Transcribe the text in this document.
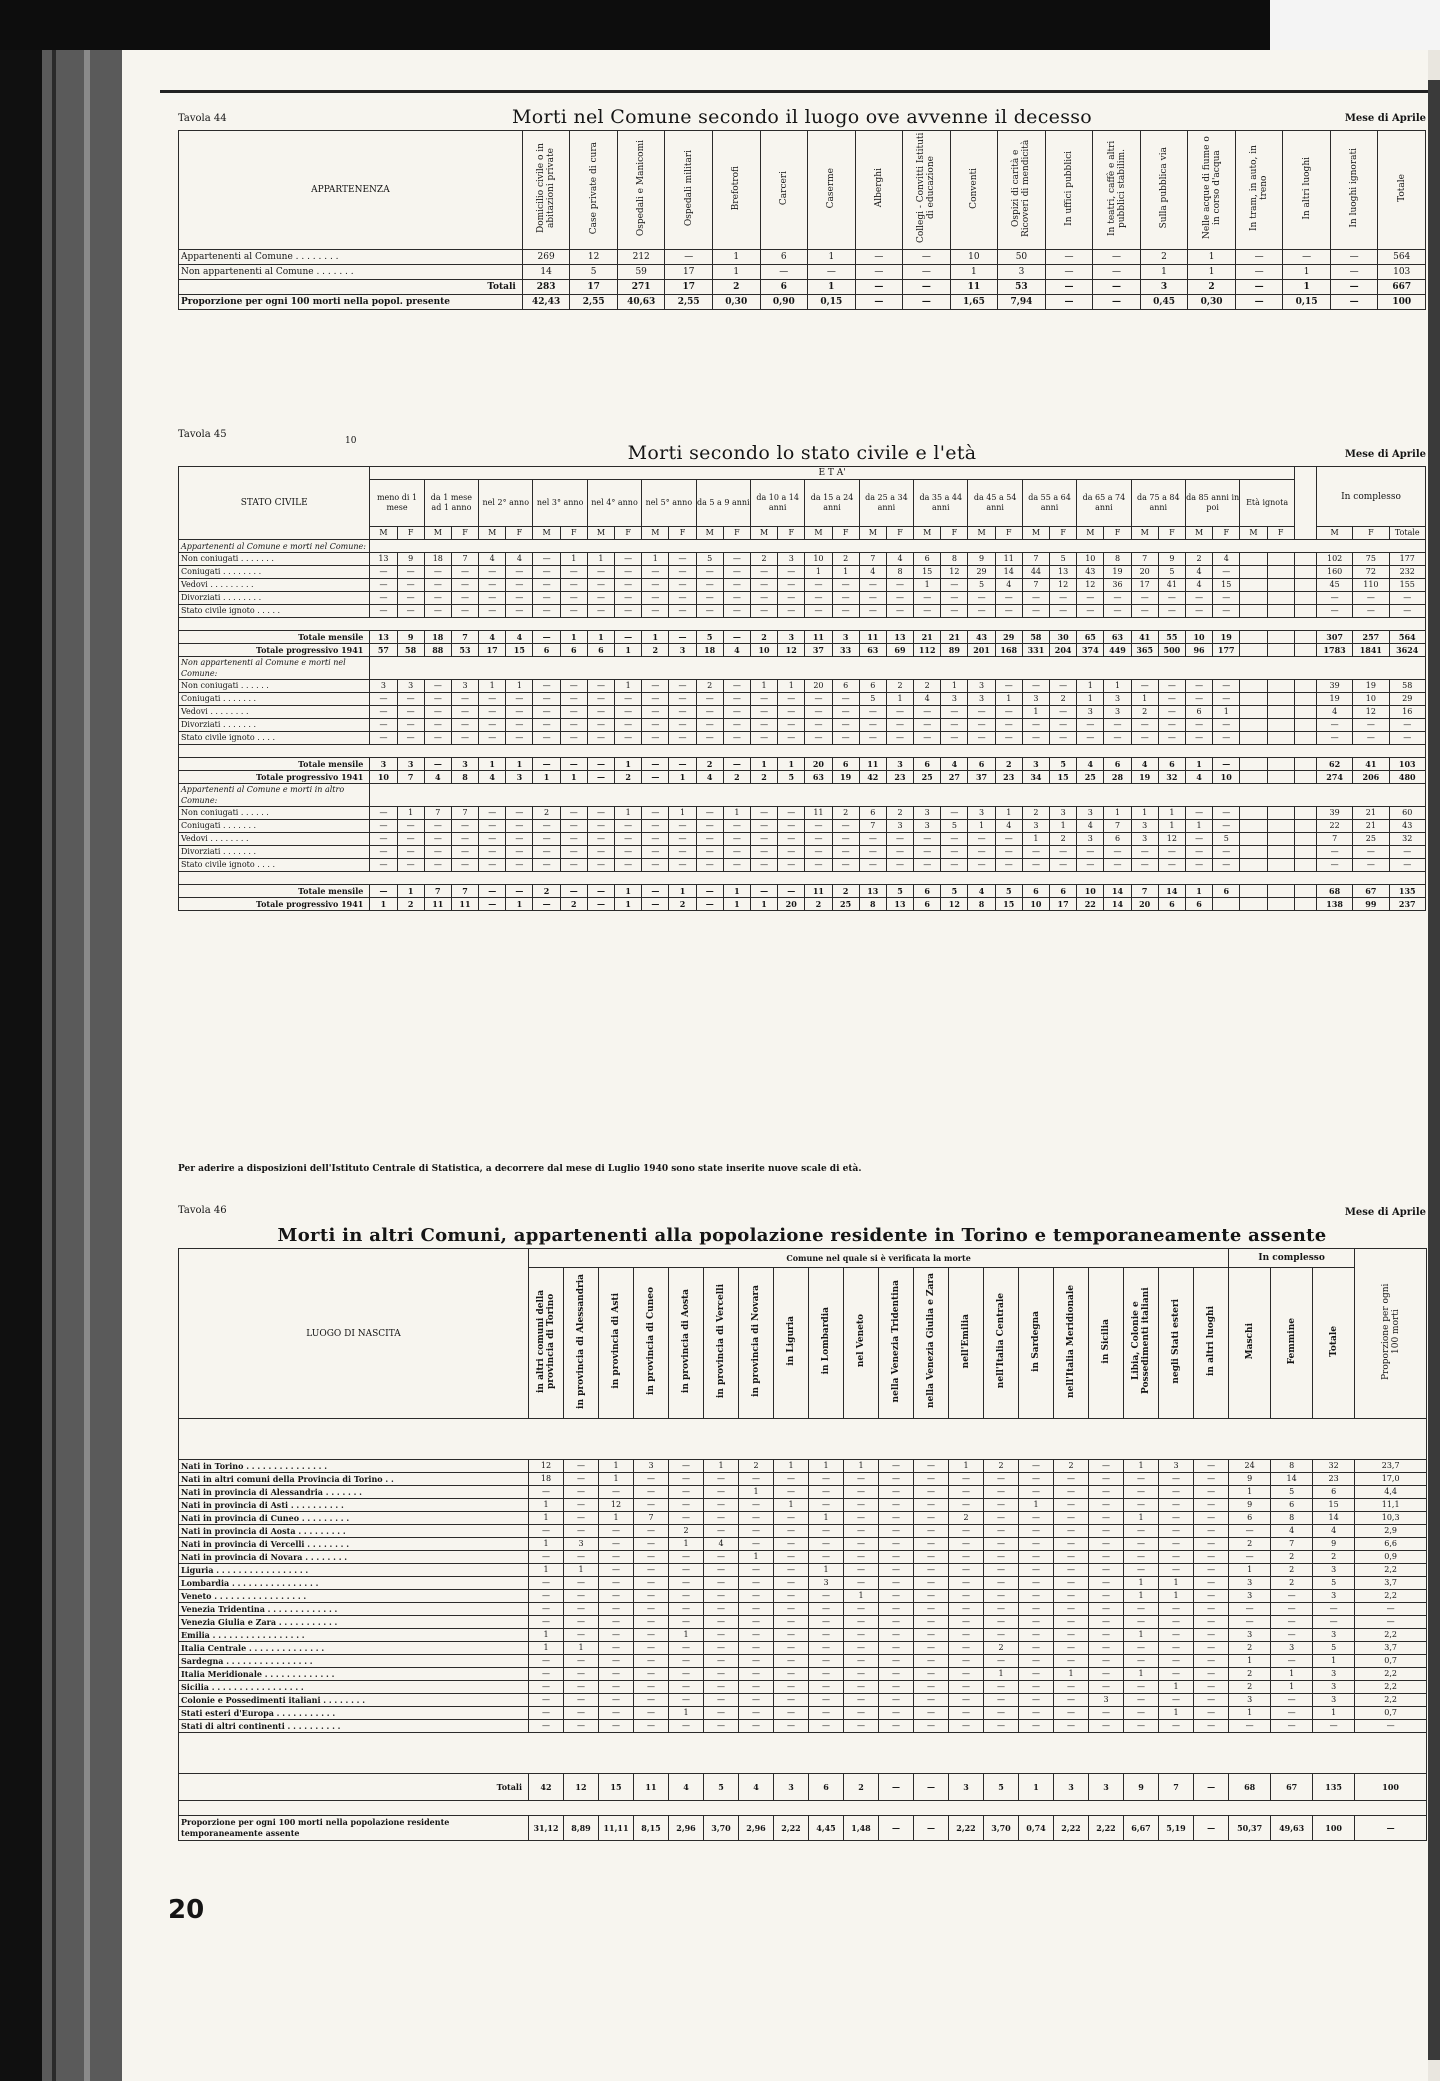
Tavola 44	Morti nel Comune secondo il luogo ove avvenne il decesso	Mese di Aprile
APPARTENENZA	Domicilio civile o in abitazioni private	Case private di cura	Ospedali e Manicomi	Ospedali militari	Brefotrofi	Carceri	Caserme	Alberghi	Collegi - Convitti Istituti di educazione	Conventi	Ospizi di carità e Ricoveri di mendicità	In uffici pubblici	In teatri, caffè e altri pubblici stabilim.	Sulla pubblica via	Nelle acque di fiume o in corso d'acqua	In tram, in auto, in treno	In altri luoghi	In luoghi ignorati	Totale
Appartenenti al Comune . . . . . . . .	269	12	212	—	1	6	1	—	—	10	50	—	—	2	1	—	—	—	564
Non appartenenti al Comune . . . . . . .	14	5	59	17	1	—	—	—	—	1	3	—	—	1	1	—	1	—	103
Totali	283	17	271	17	2	6	1	—	—	11	53	—	—	3	2	—	1	—	667
Proporzione per ogni 100 morti nella popol. presente	42,43	2,55	40,63	2,55	0,30	0,90	0,15	—	—	1,65	7,94	—	—	0,45	0,30	—	0,15	—	100
10
Tavola 45
Morti secondo lo stato civile e l'età	Mese di Aprile
STATO CIVILE	E T A'																																			In complesso		
	meno di 1 mese		da 1 mese ad 1 anno		nel 2° anno		nel 3° anno		nel 4° anno		nel 5° anno		da 5 a 9 anni		da 10 a 14 anni		da 15 a 24 anni		da 25 a 34 anni		da 35 a 44 anni		da 45 a 54 anni		da 55 a 64 anni		da 65 a 74 anni		da 75 a 84 anni		da 85 anni in poi		Età ignota					
	M	F	M	F	M	F	M	F	M	F	M	F	M	F	M	F	M	F	M	F	M	F	M	F	M	F	M	F	M	F	M	F	M	F		M	F	Totale
Appartenenti al Comune e morti nel Comune:																																						
Non coniugati . . . . . . .	13	9	18	7	4	4	—	1	1	—	1	—	5	—	2	3	10	2	7	4	6	8	9	11	7	5	10	8	7	9	2	4				102	75	177
Coniugati . . . . . . . .	—	—	—	—	—	—	—	—	—	—	—	—	—	—	—	—	1	1	4	8	15	12	29	14	44	13	43	19	20	5	4	—				160	72	232
Vedovi . . . . . . . . .	—	—	—	—	—	—	—	—	—	—	—	—	—	—	—	—	—	—	—	—	1	—	5	4	7	12	12	36	17	41	4	15				45	110	155
Divorziati . . . . . . . .	—	—	—	—	—	—	—	—	—	—	—	—	—	—	—	—	—	—	—	—	—	—	—	—	—	—	—	—	—	—	—	—				—	—	—
Stato civile ignoto . . . . .	—	—	—	—	—	—	—	—	—	—	—	—	—	—	—	—	—	—	—	—	—	—	—	—	—	—	—	—	—	—	—	—				—	—	—

Totale mensile	13	9	18	7	4	4	—	1	1	—	1	—	5	—	2	3	11	3	11	13	21	21	43	29	58	30	65	63	41	55	10	19				307	257	564
Totale progressivo 1941	57	58	88	53	17	15	6	6	6	1	2	3	18	4	10	12	37	33	63	69	112	89	201	168	331	204	374	449	365	500	96	177				1783	1841	3624
Non appartenenti al Comune e morti nel Comune:																																						
Non coniugati . . . . . .	3	3	—	3	1	1	—	—	—	1	—	—	2	—	1	1	20	6	6	2	2	1	3	—	—	—	1	1	—	—	—	—				39	19	58
Coniugati . . . . . . .	—	—	—	—	—	—	—	—	—	—	—	—	—	—	—	—	—	—	5	1	4	3	3	1	3	2	1	3	1	—	—	—				19	10	29
Vedovi . . . . . . . .	—	—	—	—	—	—	—	—	—	—	—	—	—	—	—	—	—	—	—	—	—	—	—	—	1	—	3	3	2	—	6	1				4	12	16
Divorziati . . . . . . .	—	—	—	—	—	—	—	—	—	—	—	—	—	—	—	—	—	—	—	—	—	—	—	—	—	—	—	—	—	—	—	—				—	—	—
Stato civile ignoto . . . .	—	—	—	—	—	—	—	—	—	—	—	—	—	—	—	—	—	—	—	—	—	—	—	—	—	—	—	—	—	—	—	—				—	—	—

Totale mensile	3	3	—	3	1	1	—	—	—	1	—	—	2	—	1	1	20	6	11	3	6	4	6	2	3	5	4	6	4	6	1	—				62	41	103
Totale progressivo 1941	10	7	4	8	4	3	1	1	—	2	—	1	4	2	2	5	63	19	42	23	25	27	37	23	34	15	25	28	19	32	4	10				274	206	480
Appartenenti al Comune e morti in altro Comune:																																						
Non coniugati . . . . . .	—	1	7	7	—	—	2	—	—	1	—	1	—	1	—	—	11	2	6	2	3	—	3	1	2	3	3	1	1	1	—	—				39	21	60
Coniugati . . . . . . .	—	—	—	—	—	—	—	—	—	—	—	—	—	—	—	—	—	—	7	3	3	5	1	4	3	1	4	7	3	1	1	—				22	21	43
Vedovi . . . . . . . .	—	—	—	—	—	—	—	—	—	—	—	—	—	—	—	—	—	—	—	—	—	—	—	—	1	2	3	6	3	12	—	5				7	25	32
Divorziati . . . . . . .	—	—	—	—	—	—	—	—	—	—	—	—	—	—	—	—	—	—	—	—	—	—	—	—	—	—	—	—	—	—	—	—				—	—	—
Stato civile ignoto . . . .	—	—	—	—	—	—	—	—	—	—	—	—	—	—	—	—	—	—	—	—	—	—	—	—	—	—	—	—	—	—	—	—				—	—	—

Totale mensile	—	1	7	7	—	—	2	—	—	1	—	1	—	1	—	—	11	2	13	5	6	5	4	5	6	6	10	14	7	14	1	6				68	67	135
Totale progressivo 1941	1	2	11	11	—	1	—	2	—	1	—	2	—	1	1	20	2	25	8	13	6	12	8	15	10	17	22	14	20	6	6					138	99	237
Per aderire a disposizioni dell'Istituto Centrale di Statistica, a decorrere dal mese di Luglio 1940 sono state inserite nuove scale di età.
Tavola 46
Morti in altri Comuni, appartenenti alla popolazione residente in Torino e temporaneamente assente
Mese di Aprile
LUOGO DI NASCITA	Comune nel quale si è verificata la morte																				In complesso			Proporzione per ogni 100 morti
	in altri comuni della provincia di Torino	in provincia di Alessandria	in provincia di Asti	in provincia di Cuneo	in provincia di Aosta	in provincia di Vercelli	in provincia di Novara	in Liguria	in Lombardia	nel Veneto	nella Venezia Tridentina	nella Venezia Giulia e Zara	nell'Emilia	nell'Italia Centrale	in Sardegna	nell'Italia Meridionale	in Sicilia	Libia, Colonie e Possedimenti italiani	negli Stati esteri	in altri luoghi	Maschi	Femmine	Totale	

Nati in Torino . . . . . . . . . . . . . . .	12	—	1	3	—	1	2	1	1	1	—	—	1	2	—	2	—	1	3	—	24	8	32	23,7
Nati in altri comuni della Provincia di Torino . .	18	—	1	—	—	—	—	—	—	—	—	—	—	—	—	—	—	—	—	—	9	14	23	17,0
Nati in provincia di Alessandria . . . . . . .	—	—	—	—	—	—	1	—	—	—	—	—	—	—	—	—	—	—	—	—	1	5	6	4,4
Nati in provincia di Asti . . . . . . . . . .	1	—	12	—	—	—	—	1	—	—	—	—	—	—	1	—	—	—	—	—	9	6	15	11,1
Nati in provincia di Cuneo . . . . . . . . .	1	—	1	7	—	—	—	—	1	—	—	—	2	—	—	—	—	1	—	—	6	8	14	10,3
Nati in provincia di Aosta . . . . . . . . .	—	—	—	—	2	—	—	—	—	—	—	—	—	—	—	—	—	—	—	—	—	4	4	2,9
Nati in provincia di Vercelli . . . . . . . .	1	3	—	—	1	4	—	—	—	—	—	—	—	—	—	—	—	—	—	—	2	7	9	6,6
Nati in provincia di Novara . . . . . . . .	—	—	—	—	—	—	1	—	—	—	—	—	—	—	—	—	—	—	—	—	—	2	2	0,9
Liguria . . . . . . . . . . . . . . . . .	1	1	—	—	—	—	—	—	1	—	—	—	—	—	—	—	—	—	—	—	1	2	3	2,2
Lombardia . . . . . . . . . . . . . . . .	—	—	—	—	—	—	—	—	3	—	—	—	—	—	—	—	—	1	1	—	3	2	5	3,7
Veneto . . . . . . . . . . . . . . . . .	—	—	—	—	—	—	—	—	—	1	—	—	—	—	—	—	—	1	1	—	3	—	3	2,2
Venezia Tridentina . . . . . . . . . . . . .	—	—	—	—	—	—	—	—	—	—	—	—	—	—	—	—	—	—	—	—	—	—	—	—
Venezia Giulia e Zara . . . . . . . . . . .	—	—	—	—	—	—	—	—	—	—	—	—	—	—	—	—	—	—	—	—	—	—	—	—
Emilia . . . . . . . . . . . . . . . . .	1	—	—	—	1	—	—	—	—	—	—	—	—	—	—	—	—	1	—	—	3	—	3	2,2
Italia Centrale . . . . . . . . . . . . . .	1	1	—	—	—	—	—	—	—	—	—	—	—	2	—	—	—	—	—	—	2	3	5	3,7
Sardegna . . . . . . . . . . . . . . . .	—	—	—	—	—	—	—	—	—	—	—	—	—	—	—	—	—	—	—	—	1	—	1	0,7
Italia Meridionale . . . . . . . . . . . . .	—	—	—	—	—	—	—	—	—	—	—	—	—	1	—	1	—	1	—	—	2	1	3	2,2
Sicilia . . . . . . . . . . . . . . . . .	—	—	—	—	—	—	—	—	—	—	—	—	—	—	—	—	—	—	1	—	2	1	3	2,2
Colonie e Possedimenti italiani . . . . . . . .	—	—	—	—	—	—	—	—	—	—	—	—	—	—	—	—	3	—	—	—	3	—	3	2,2
Stati esteri d'Europa . . . . . . . . . . .	—	—	—	—	1	—	—	—	—	—	—	—	—	—	—	—	—	—	1	—	1	—	1	0,7
Stati di altri continenti . . . . . . . . . .	—	—	—	—	—	—	—	—	—	—	—	—	—	—	—	—	—	—	—	—	—	—	—	—

Totali	42	12	15	11	4	5	4	3	6	2	—	—	3	5	1	3	3	9	7	—	68	67	135	100

Proporzione per ogni 100 morti nella popolazione residente temporaneamente assente	31,12	8,89	11,11	8,15	2,96	3,70	2,96	2,22	4,45	1,48	—	—	2,22	3,70	0,74	2,22	2,22	6,67	5,19	—	50,37	49,63	100	—
20
